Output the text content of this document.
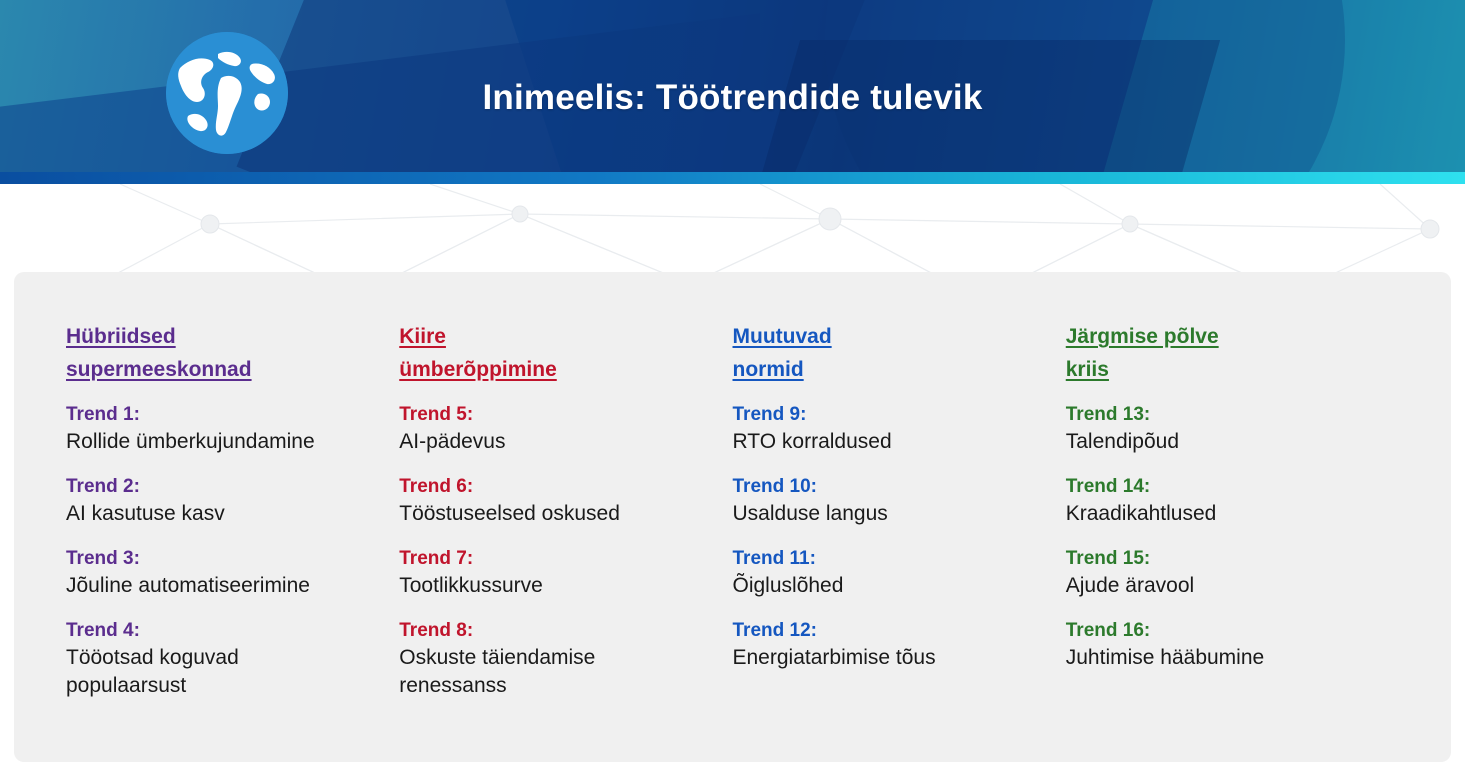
Inimeelis: Töötrendide tulevik
Hübriidsed
supermeeskonnad
Trend 1:
Rollide ümberkujundamine
Trend 2:
AI kasutuse kasv
Trend 3:
Jõuline automatiseerimine
Trend 4:
Tööotsad koguvad populaarsust
Kiire
ümberõppimine
Trend 5:
AI-pädevus
Trend 6:
Tööstuseelsed oskused
Trend 7:
Tootlikkussurve
Trend 8:
Oskuste täiendamise renessanss
Muutuvad
normid
Trend 9:
RTO korraldused
Trend 10:
Usalduse langus
Trend 11:
Õigluslõhed
Trend 12:
Energiatarbimise tõus
Järgmise põlve
kriis
Trend 13:
Talendipõud
Trend 14:
Kraadikahtlused
Trend 15:
Ajude äravool
Trend 16:
Juhtimise hääbumine
